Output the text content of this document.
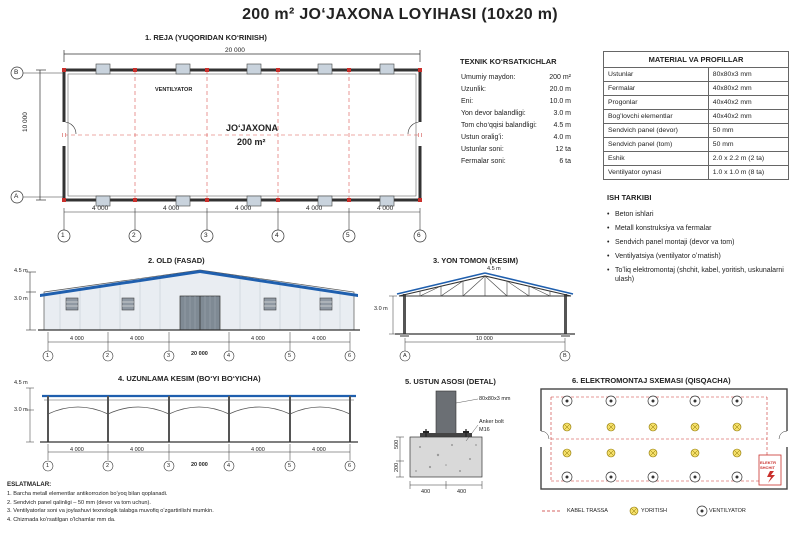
200 m² JO‘JAXONA LOYIHASI (10x20 m)
1. REJA (YUQORIDAN KO‘RINISH)
20 000
10 000
VENTILYATOR
JO‘JAXONA
200 m²
4 000	4 000	4 000	4 000	4 000
1	2	3	4	5	6
B
A
TEXNIK KO‘RSATKICHLAR
Umumiy maydon:	200 m²
Uzunlik:	20.0 m
Eni:	10.0 m
Yon devor balandligi:	3.0 m
Tom cho‘qqisi balandligi:	4.5 m
Ustun oraligʻi:	4.0 m
Ustunlar soni:	12 ta
Fermalar soni:	6 ta
MATERIAL VA PROFILLAR	
Ustunlar	80x80x3 mm
Fermalar	40x80x2 mm
Progonlar	40x40x2 mm
Bogʻlovchi elementlar	40x40x2 mm
Sendvich panel (devor)	50 mm
Sendvich panel (tom)	50 mm
Eshik	2.0 x 2.2 m (2 ta)
Ventilyator oynasi	1.0 x 1.0 m (8 ta)
ISH TARKIBI
• Beton ishlari
• Metall konstruksiya va fermalar
• Sendvich panel montaji (devor va tom)
• Ventilyatsiya (ventilyator oʻrnatish)
• Toʻliq elektromontaj (shchit, kabel, yoritish, uskunalarni ulash)
2. OLD (FASAD)
4.5 m
3.0 m
4 000	4 000	4 000	4 000
20 000
1	2	3	4	5	6
3. YON TOMON (KESIM)
4.5 m
3.0 m
10 000
A	B
4. UZUNLAMA KESIM (BOʻYI BOʻYICHA)
4.5 m
3.0 m
4 000	4 000	4 000	4 000
20 000
1	2	3	4	5	6
5. USTUN ASOSI (DETAL)
80x80x3 mm
Anker bolt
M16
500
200
400	400
6. ELEKTROMONTAJ SXEMASI (QISQACHA)
ELEKTR
SHCHIT
KABEL TRASSA	YORITISH	VENTILYATOR
ESLATMALAR:
1. Barcha metall elementlar antikorrozion boʻyoq bilan qoplanadi.
2. Sendvich panel qalinligi – 50 mm (devor va tom uchun).
3. Ventilyatorlar soni va joylashuvi texnologik talabga muvofiq oʻzgartirilishi mumkin.
4. Chizmada koʻrsatilgan oʻlchamlar mm da.
